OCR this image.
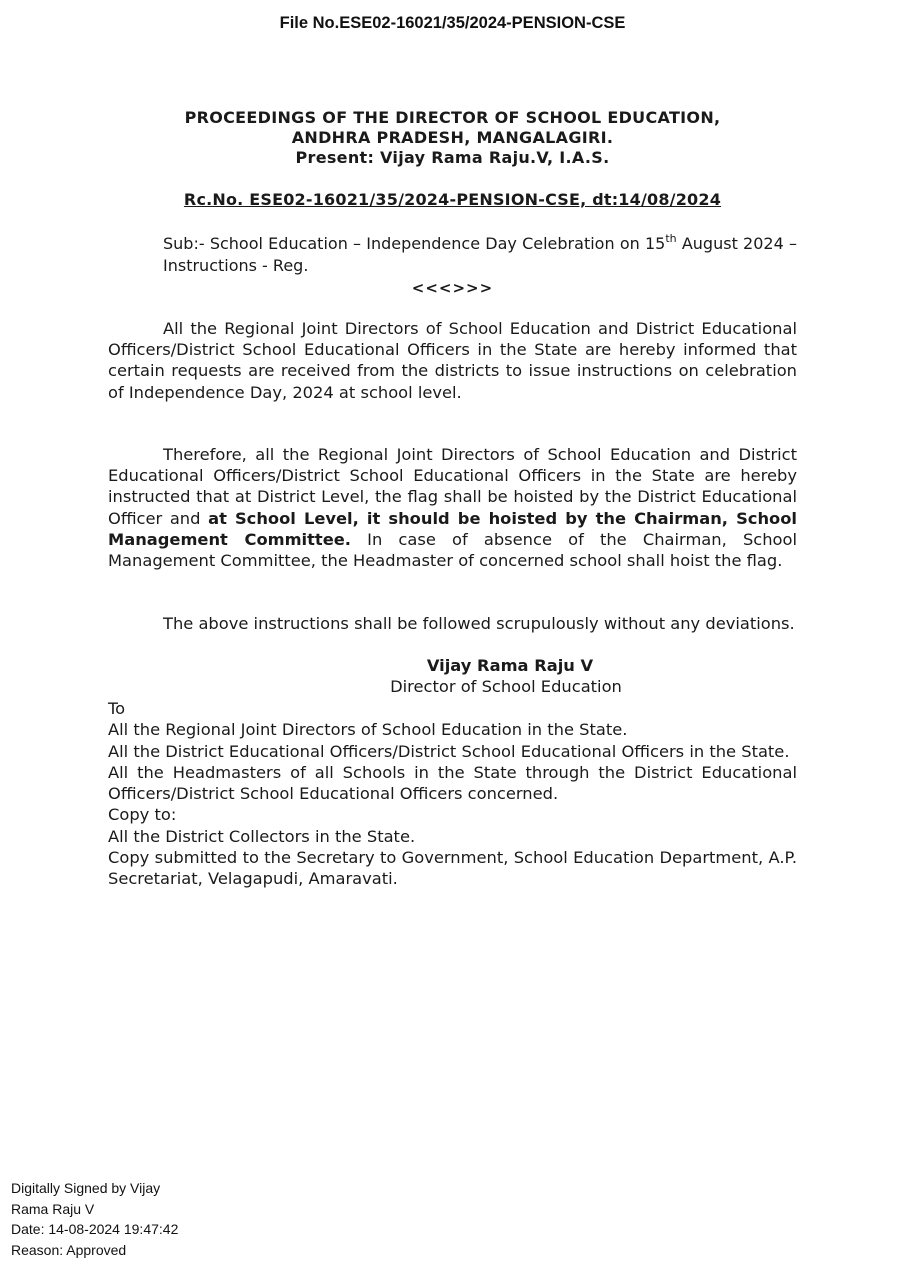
File No.ESE02-16021/35/2024-PENSION-CSE
PROCEEDINGS OF THE DIRECTOR OF SCHOOL EDUCATION,
ANDHRA PRADESH, MANGALAGIRI.
Present: Vijay Rama Raju.V, I.A.S.
Rc.No. ESE02-16021/35/2024-PENSION-CSE, dt:14/08/2024
Sub:- School Education – Independence Day Celebration on 15th August 2024 – Instructions - Reg.
<<<>>>

All the Regional Joint Directors of School Education and District Educational Officers/District School Educational Officers in the State are hereby informed that certain requests are received from the districts to issue instructions on celebration of Independence Day, 2024 at school level.

Therefore, all the Regional Joint Directors of School Education and District Educational Officers/District School Educational Officers in the State are hereby instructed that at District Level, the flag shall be hoisted by the District Educational Officer and at School Level, it should be hoisted by the Chairman, School Management Committee. In case of absence of the Chairman, School Management Committee, the Headmaster of concerned school shall hoist the flag.

The above instructions shall be followed scrupulously without any deviations.

Vijay Rama Raju V
Director of School Education

To

All the Regional Joint Directors of School Education in the State.

All the District Educational Officers/District School Educational Officers in the State.

All the Headmasters of all Schools in the State through the District Educational Officers/District School Educational Officers concerned.

Copy to:

All the District Collectors in the State.

Copy submitted to the Secretary to Government, School Education Department, A.P. Secretariat, Velagapudi, Amaravati.

Digitally Signed by Vijay
Rama Raju V
Date: 14-08-2024 19:47:42
Reason: Approved
